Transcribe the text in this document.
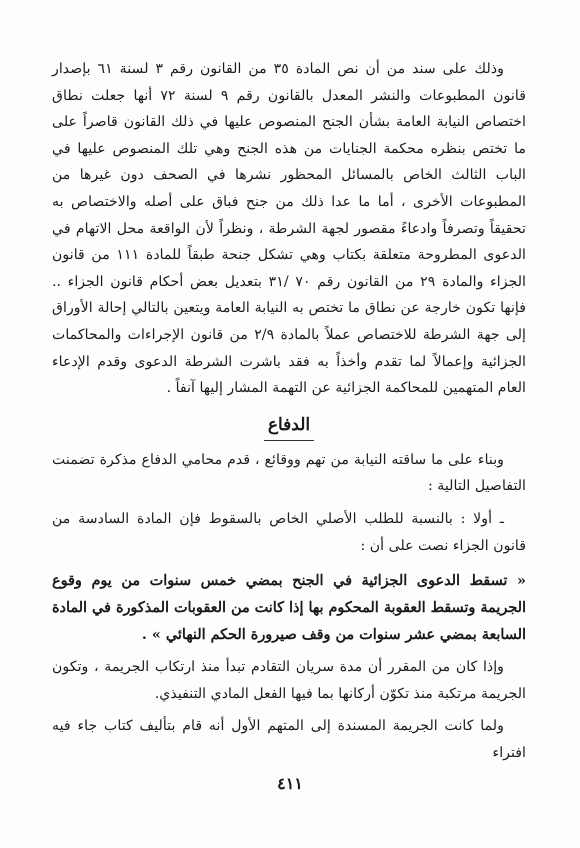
وذلك على سند من أن نص المادة ٣٥ من القانون رقم ٣ لسنة ٦١ بإصدار قانون المطبوعات والنشر المعدل بالقانون رقم ٩ لسنة ٧٢ أنها جعلت نطاق اختصاص النيابة العامة بشأن الجنح المنصوص عليها في ذلك القانون قاصراً على ما تختص بنظره محكمة الجنايات من هذه الجنح وهي تلك المنصوص عليها في الباب الثالث الخاص بالمسائل المحظور نشرها في الصحف دون غيرها من المطبوعات الأخرى ، أما ما عدا ذلك من جنح فباق على أصله والاختصاص به تحقيقاً وتصرفاً وادعاءً مقصور لجهة الشرطة ، ونظراً لأن الواقعة محل الاتهام في الدعوى المطروحة متعلقة بكتاب وهي تشكل جنحة طبقاً للمادة ١١١ من قانون الجزاء والمادة ٢٩ من القانون رقم ٧٠ /٣١ بتعديل بعض أحكام قانون الجزاء .. فإنها تكون خارجة عن نطاق ما تختص به النيابة العامة ويتعين بالتالي إحالة الأوراق إلى جهة الشرطة للاختصاص عملاً بالمادة ٢/٩ من قانون الإجراءات والمحاكمات الجزائية وإعمالاً لما تقدم وأخذاً به فقد باشرت الشرطة الدعوى وقدم الإدعاء العام المتهمين للمحاكمة الجزائية عن التهمة المشار إليها آنفاً .

الدفاع

وبناء على ما ساقته النيابة من تهم ووقائع ، قدم محامي الدفاع مذكرة تضمنت التفاصيل التالية :

ـ أولا : بالنسبة للطلب الأصلي الخاص بالسقوط فإن المادة السادسة من قانون الجزاء نصت على أن :

« تسقط الدعوى الجزائية في الجنح بمضي خمس سنوات من يوم وقوع الجريمة وتسقط العقوبة المحكوم بها إذا كانت من العقوبات المذكورة في المادة السابعة بمضي عشر سنوات من وقف صيرورة الحكم النهائي » .

وإذا كان من المقرر أن مدة سريان التقادم تبدأ منذ ارتكاب الجريمة ، وتكون الجريمة مرتكبة منذ تكوّن أركانها بما فيها الفعل المادي التنفيذي.

ولما كانت الجريمة المسندة إلى المتهم الأول أنه قام بتأليف كتاب جاء فيه افتراء

٤١١
